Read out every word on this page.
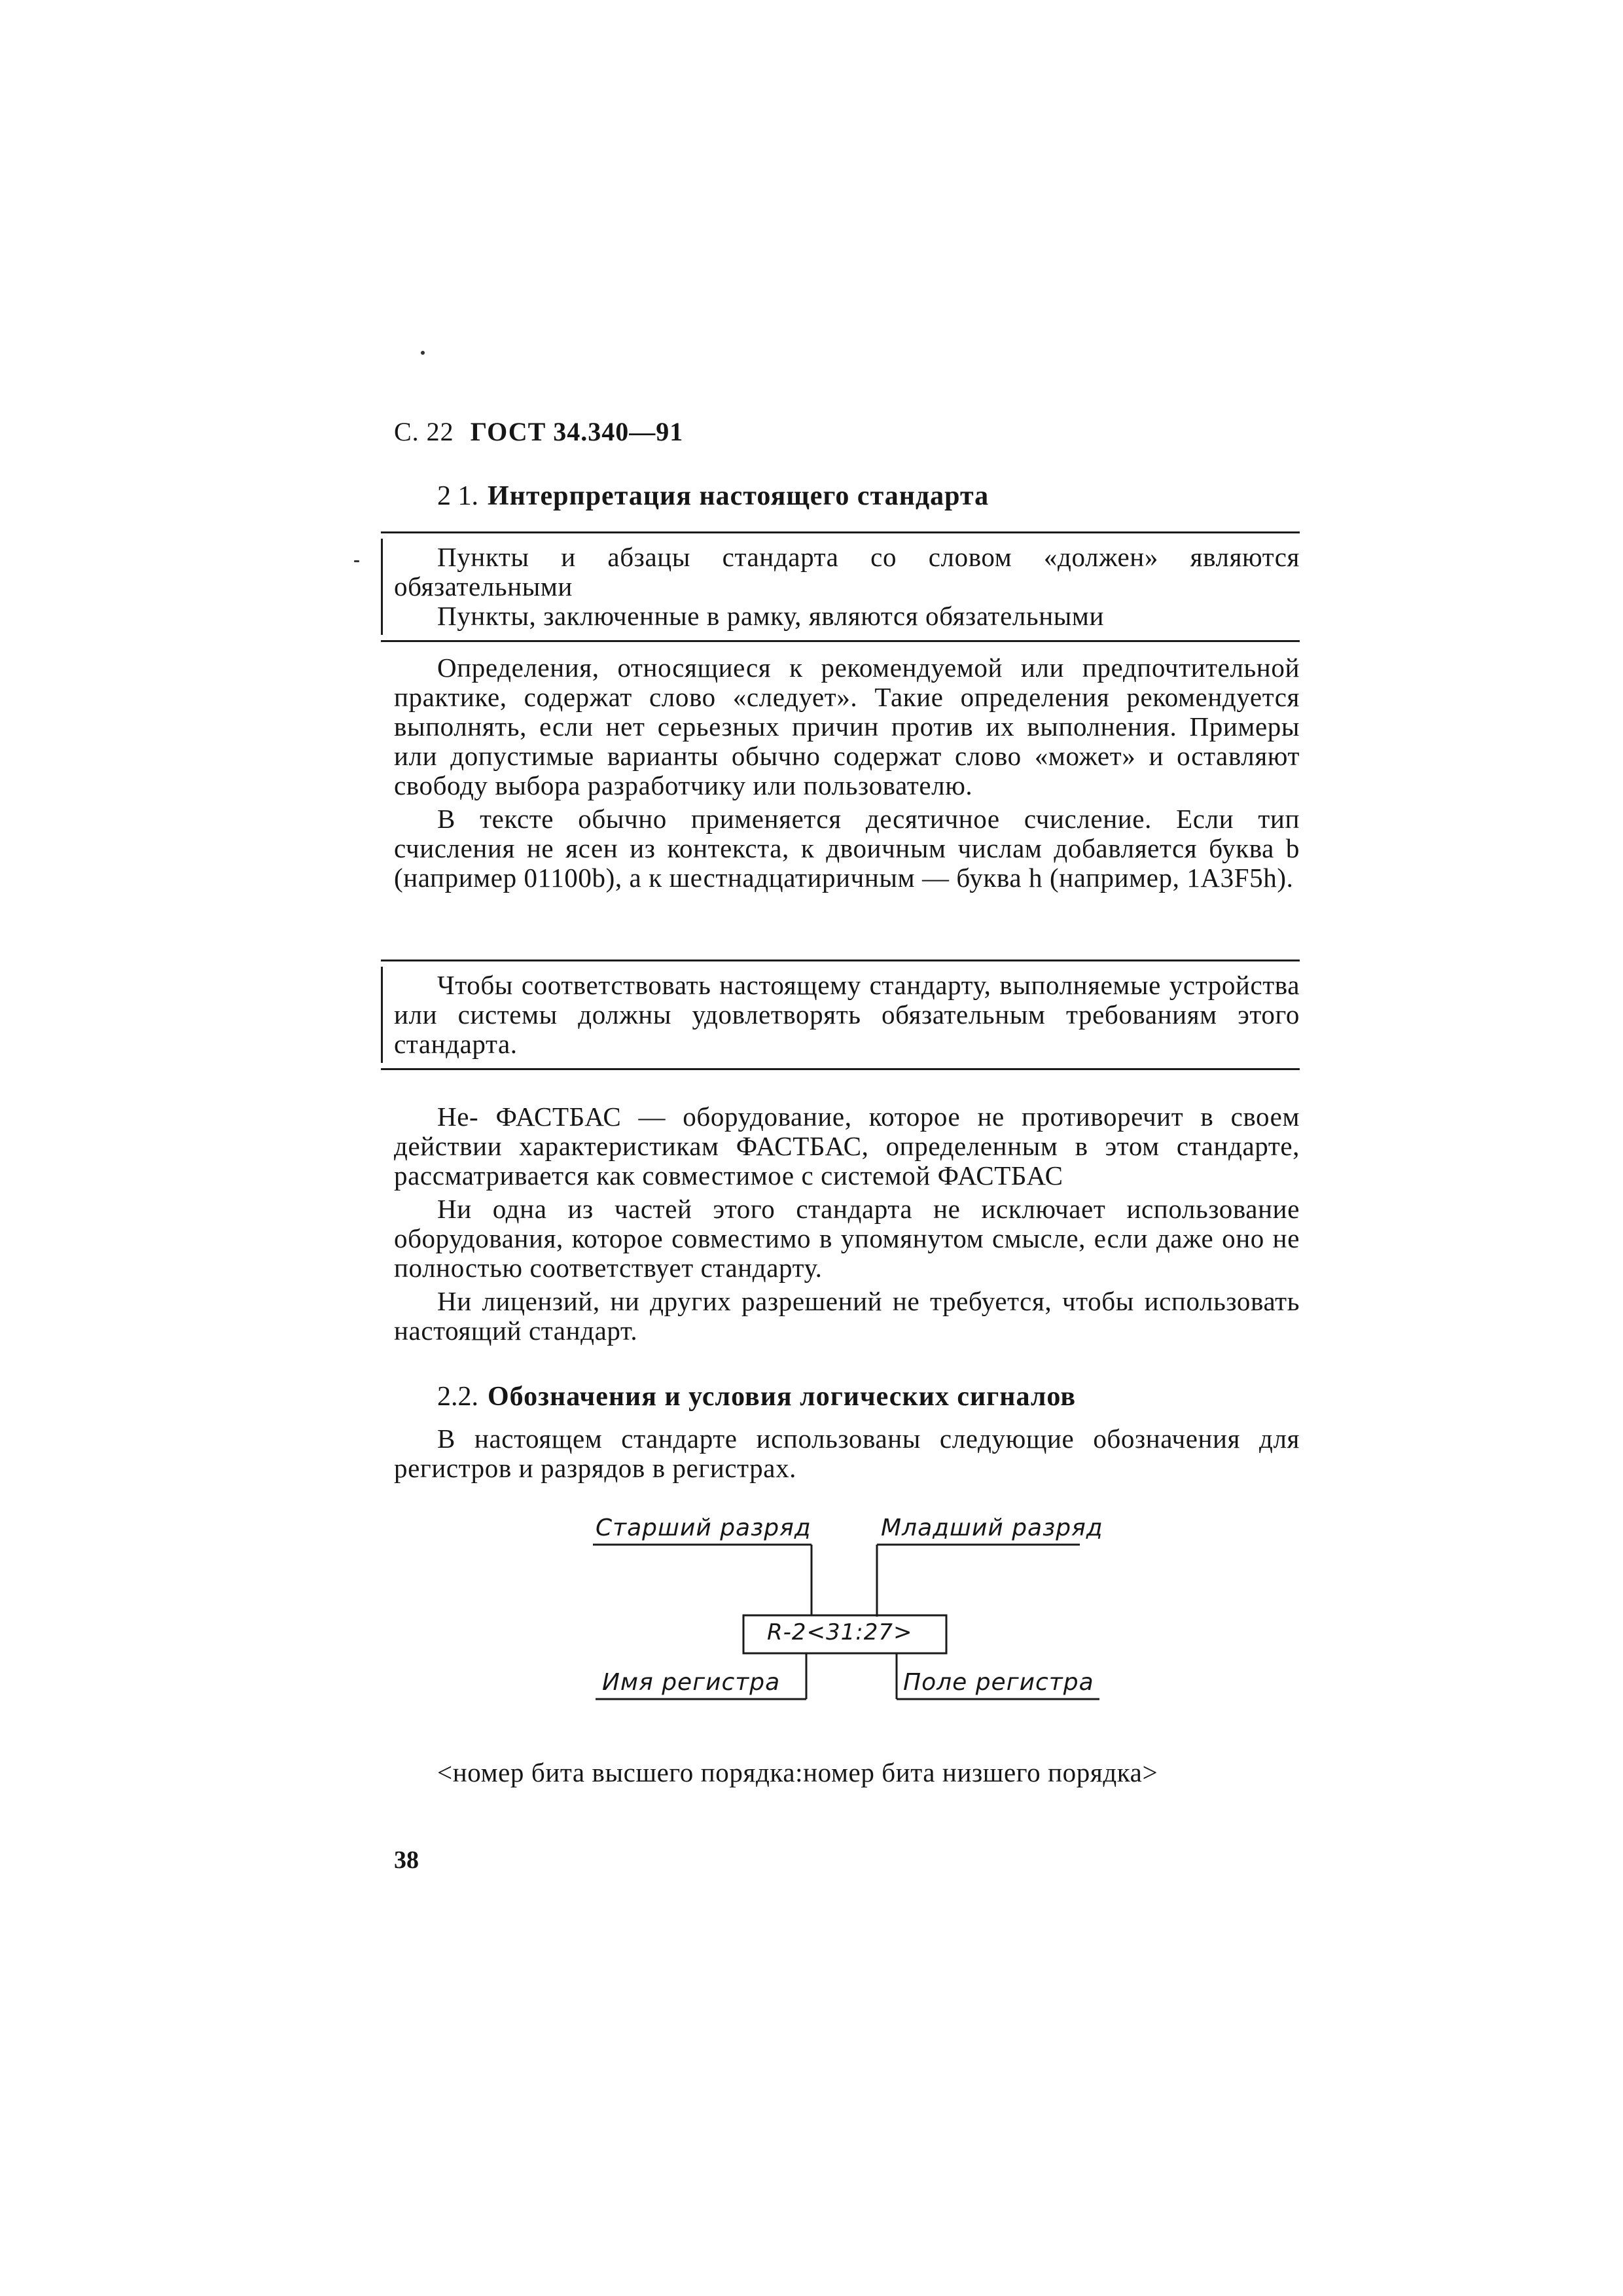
С. 22 ГОСТ 34.340—91
2 1. Интерпретация настоящего стандарта

Пункты и абзацы стандарта со словом «должен» являются обязательными

Пункты, заключенные в рамку, являются обязательными

Определения, относящиеся к рекомендуемой или предпочтительной практике, содержат слово «следует». Такие определения рекомендуется выполнять, если нет серьезных причин против их выполнения. Примеры или допустимые варианты обычно содержат слово «может» и оставляют свободу выбора разработчику или пользователю.

В тексте обычно применяется десятичное счисление. Если тип счисления не ясен из контекста, к двоичным числам добавляется буква b (например 01100b), а к шестнадцатиричным — буква h (например, 1A3F5h).

Чтобы соответствовать настоящему стандарту, выполняемые устройства или системы должны удовлетворять обязательным требованиям этого стандарта.

Не- ФАСТБАС — оборудование, которое не противоречит в своем действии характеристикам ФАСТБАС, определенным в этом стандарте, рассматривается как совместимое с системой ФАСТБАС

Ни одна из частей этого стандарта не исключает использование оборудования, которое совместимо в упомянутом смысле, если даже оно не полностью соответствует стандарту.

Ни лицензий, ни других разрешений не требуется, чтобы использовать настоящий стандарт.

2.2. Обозначения и условия логических сигналов

В настоящем стандарте использованы следующие обозначения для регистров и разрядов в регистрах.

Старший разряд	Младший разряд
R-2<31:27>
Имя регистра	Поле регистра

<номер бита высшего порядка:номер бита низшего порядка>

38
